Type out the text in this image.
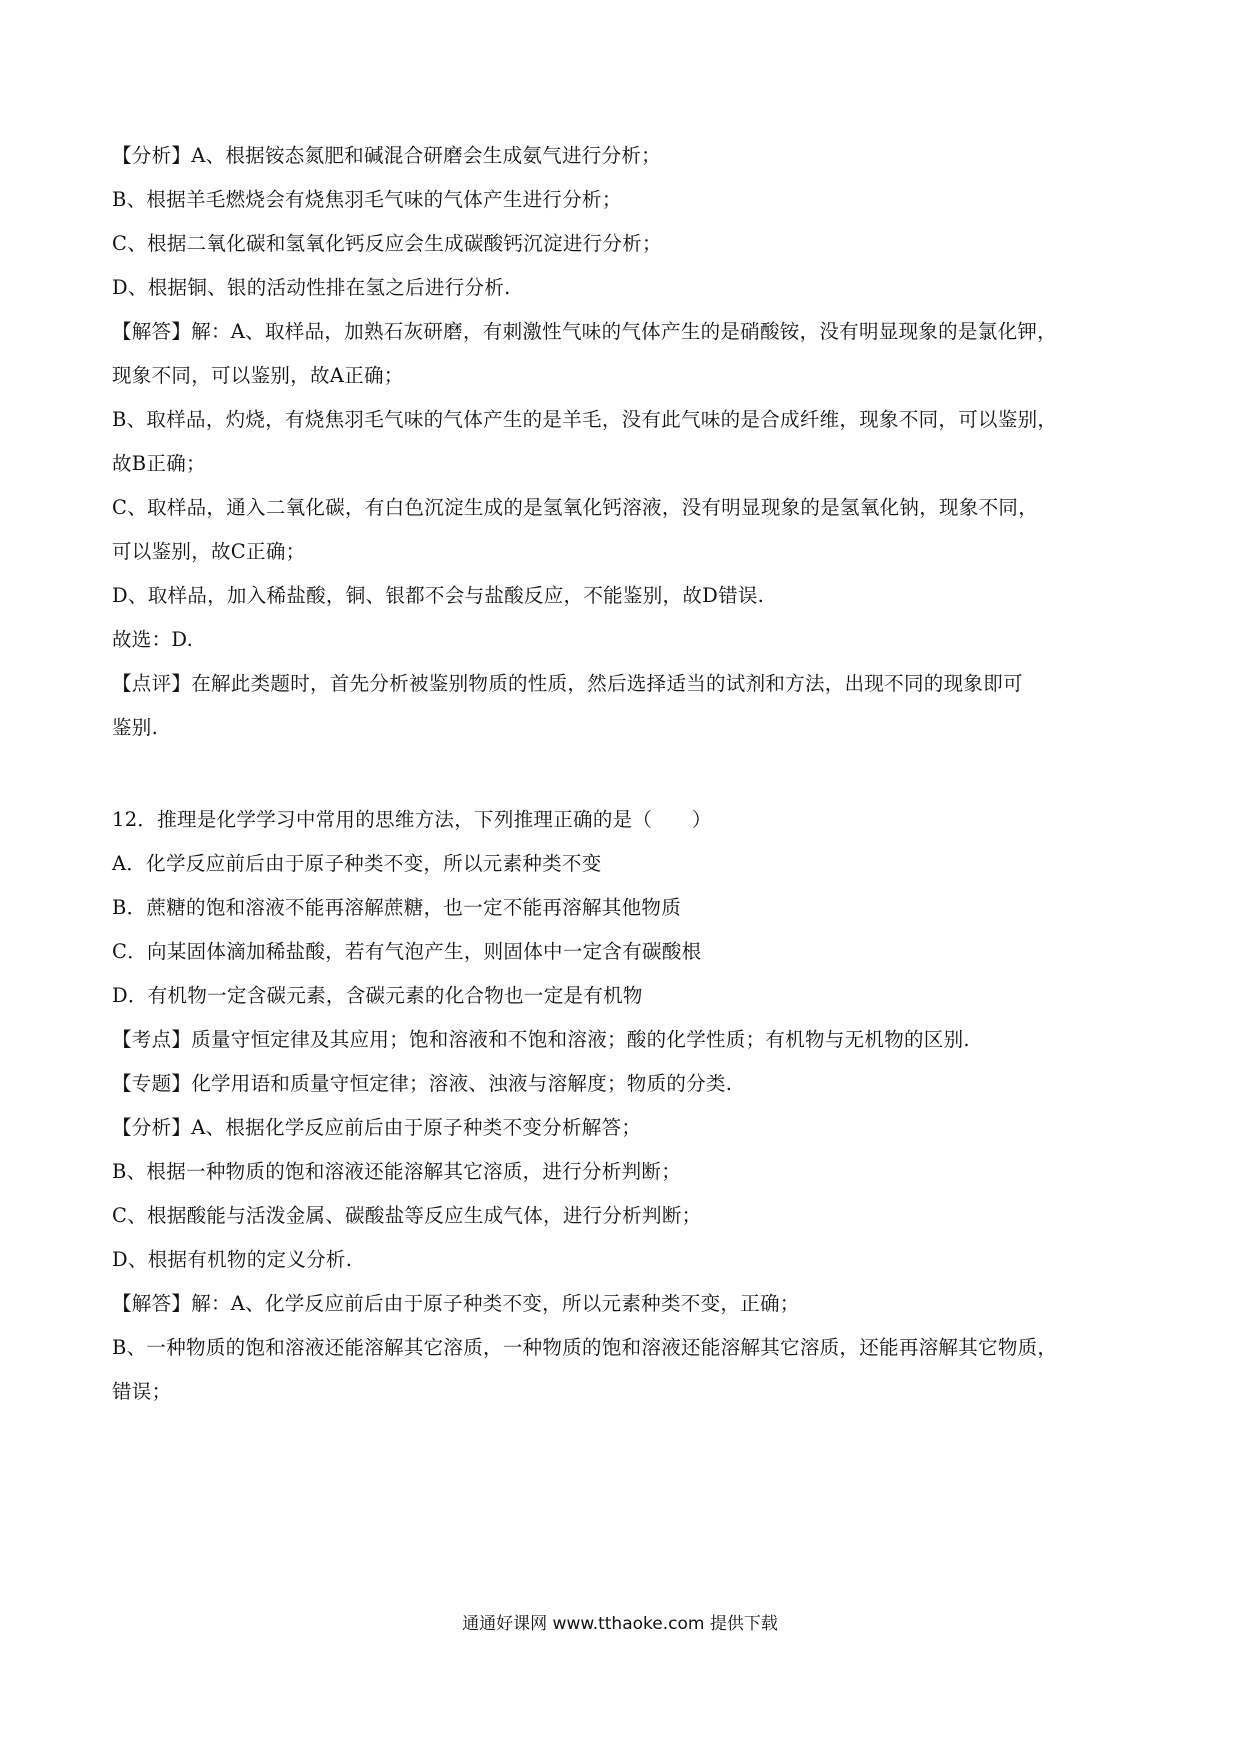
【分析】A、根据铵态氮肥和碱混合研磨会生成氨气进行分析；
B、根据羊毛燃烧会有烧焦羽毛气味的气体产生进行分析；
C、根据二氧化碳和氢氧化钙反应会生成碳酸钙沉淀进行分析；
D、根据铜、银的活动性排在氢之后进行分析.
【解答】解：A、取样品，加熟石灰研磨，有刺激性气味的气体产生的是硝酸铵，没有明显现象的是氯化钾，
现象不同，可以鉴别，故A正确；
B、取样品，灼烧，有烧焦羽毛气味的气体产生的是羊毛，没有此气味的是合成纤维，现象不同，可以鉴别，
故B正确；
C、取样品，通入二氧化碳，有白色沉淀生成的是氢氧化钙溶液，没有明显现象的是氢氧化钠，现象不同，
可以鉴别，故C正确；
D、取样品，加入稀盐酸，铜、银都不会与盐酸反应，不能鉴别，故D错误.
故选：D.
【点评】在解此类题时，首先分析被鉴别物质的性质，然后选择适当的试剂和方法，出现不同的现象即可
鉴别.
12．推理是化学学习中常用的思维方法，下列推理正确的是（　　）
A．化学反应前后由于原子种类不变，所以元素种类不变
B．蔗糖的饱和溶液不能再溶解蔗糖，也一定不能再溶解其他物质
C．向某固体滴加稀盐酸，若有气泡产生，则固体中一定含有碳酸根
D．有机物一定含碳元素，含碳元素的化合物也一定是有机物
【考点】质量守恒定律及其应用；饱和溶液和不饱和溶液；酸的化学性质；有机物与无机物的区别.
【专题】化学用语和质量守恒定律；溶液、浊液与溶解度；物质的分类.
【分析】A、根据化学反应前后由于原子种类不变分析解答；
B、根据一种物质的饱和溶液还能溶解其它溶质，进行分析判断；
C、根据酸能与活泼金属、碳酸盐等反应生成气体，进行分析判断；
D、根据有机物的定义分析.
【解答】解：A、化学反应前后由于原子种类不变，所以元素种类不变，正确；
B、一种物质的饱和溶液还能溶解其它溶质，一种物质的饱和溶液还能溶解其它溶质，还能再溶解其它物质，
错误；
通通好课网 www.tthaoke.com 提供下载
